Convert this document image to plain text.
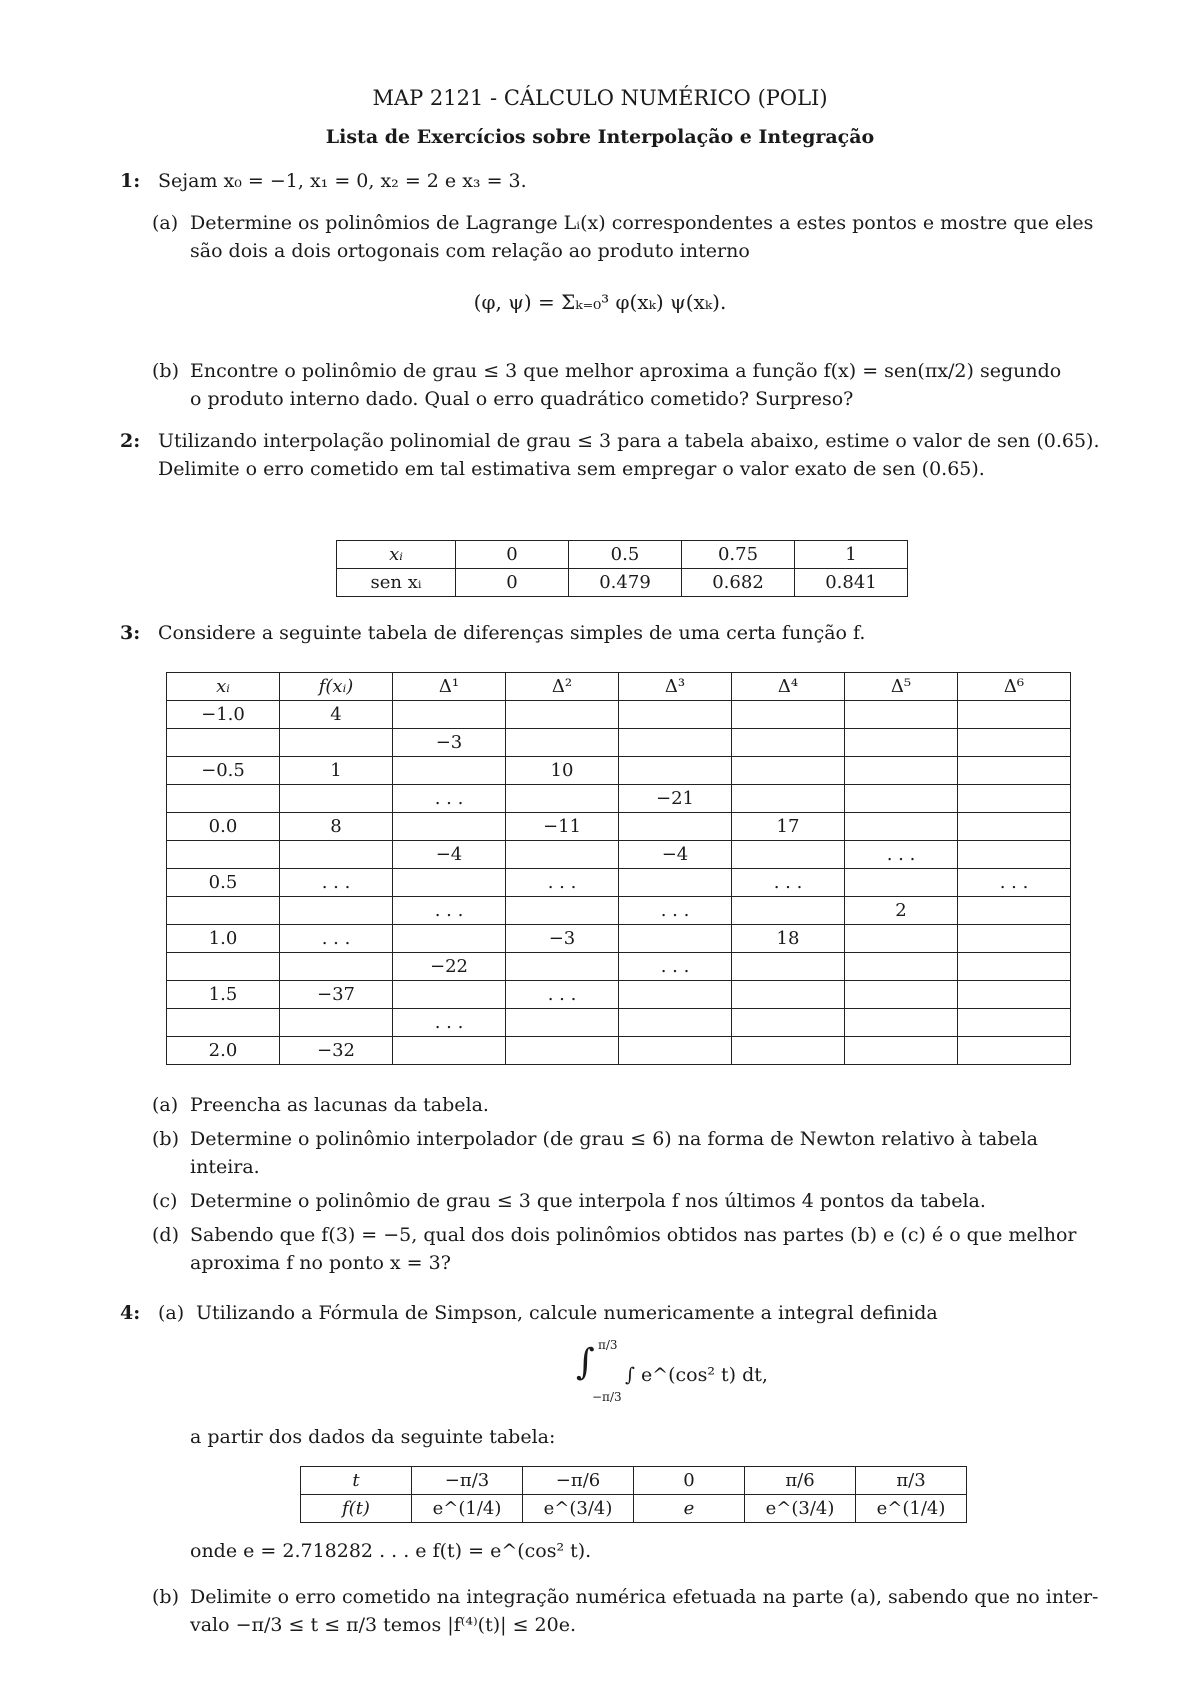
MAP 2121 - CÁLCULO NUMÉRICO (POLI)
Lista de Exercícios sobre Interpolação e Integração
1: Sejam x₀ = −1, x₁ = 0, x₂ = 2 e x₃ = 3.
(a) Determine os polinômios de Lagrange Lᵢ(x) correspondentes a estes pontos e mostre que eles
são dois a dois ortogonais com relação ao produto interno
(φ, ψ) = Σₖ₌₀³ φ(xₖ) ψ(xₖ).
(b) Encontre o polinômio de grau ≤ 3 que melhor aproxima a função f(x) = sen(πx/2) segundo
o produto interno dado. Qual o erro quadrático cometido? Surpreso?
2: Utilizando interpolação polinomial de grau ≤ 3 para a tabela abaixo, estime o valor de sen (0.65).
Delimite o erro cometido em tal estimativa sem empregar o valor exato de sen (0.65).
xᵢ	0	0.5	0.75	1
sen xᵢ	0	0.479	0.682	0.841
3: Considere a seguinte tabela de diferenças simples de uma certa função f.
xᵢ	f(xᵢ)	Δ¹	Δ²	Δ³	Δ⁴	Δ⁵	Δ⁶
−1.0	4						
		−3					
−0.5	1		10				
		. . .		−21			
0.0	8		−11		17		
		−4		−4		. . .	
0.5	. . .		. . .		. . .		. . .
		. . .		. . .		2	
1.0	. . .		−3		18		
		−22		. . .			
1.5	−37		. . .				
		. . .					
2.0	−32						
(a) Preencha as lacunas da tabela.
(b) Determine o polinômio interpolador (de grau ≤ 6) na forma de Newton relativo à tabela
inteira.
(c) Determine o polinômio de grau ≤ 3 que interpola f nos últimos 4 pontos da tabela.
(d) Sabendo que f(3) = −5, qual dos dois polinômios obtidos nas partes (b) e (c) é o que melhor
aproxima f no ponto x = 3?
4: (a) Utilizando a Fórmula de Simpson, calcule numericamente a integral definida
∫ π/3
−π/3
∫ e^(cos² t) dt,
a partir dos dados da seguinte tabela:
t	−π/3	−π/6	0	π/6	π/3
f(t)	e^(1/4)	e^(3/4)	e	e^(3/4)	e^(1/4)
onde e = 2.718282 . . . e f(t) = e^(cos² t).
(b) Delimite o erro cometido na integração numérica efetuada na parte (a), sabendo que no inter-
valo −π/3 ≤ t ≤ π/3 temos |f⁽⁴⁾(t)| ≤ 20e.
